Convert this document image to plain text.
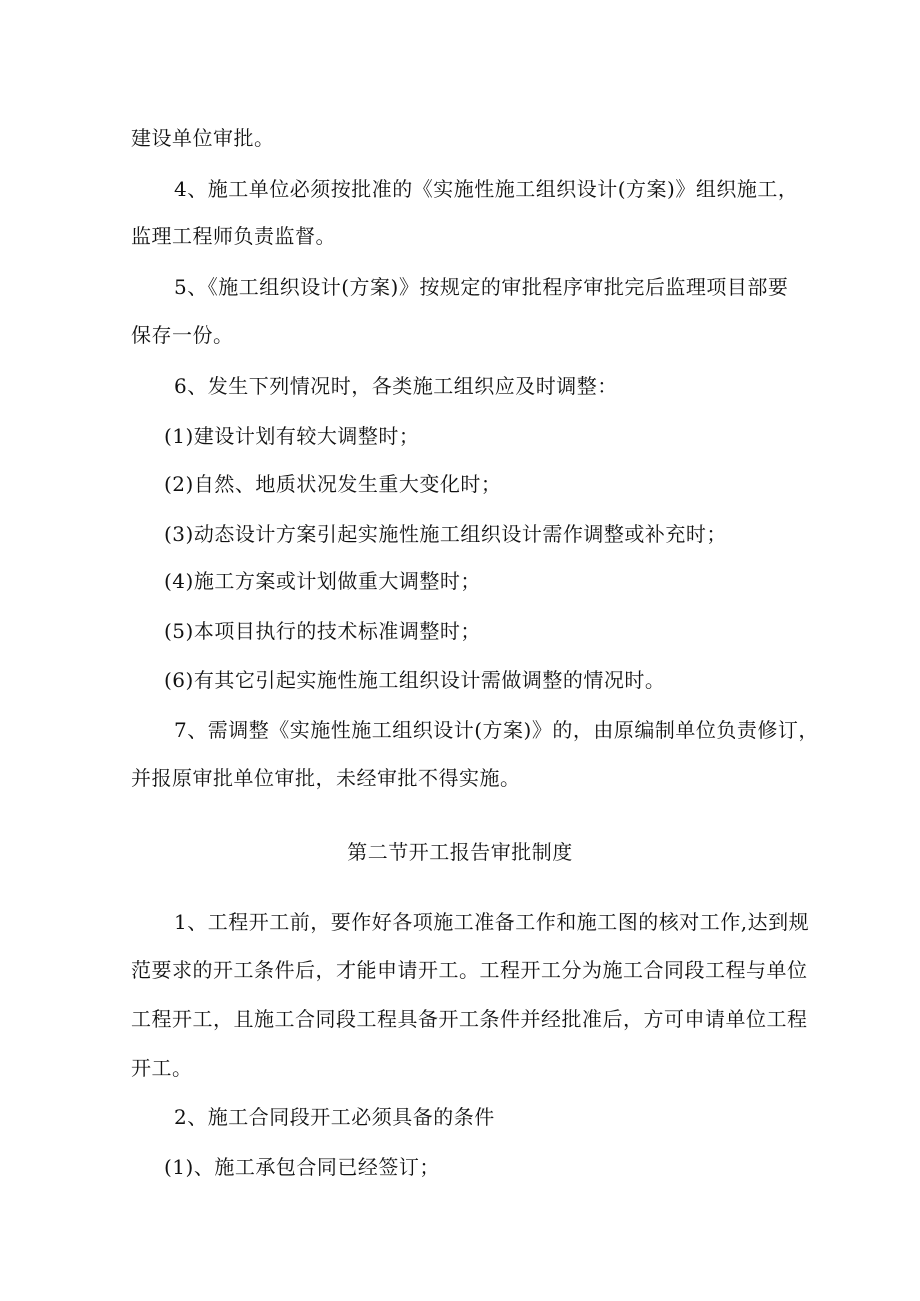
建设单位审批。
4、施工单位必须按批准的《实施性施工组织设计(方案)》组织施工，
监理工程师负责监督。
5、《施工组织设计(方案)》按规定的审批程序审批完后监理项目部要
保存一份。
6、发生下列情况时，各类施工组织应及时调整：
(1)建设计划有较大调整时；
(2)自然、地质状况发生重大变化时；
(3)动态设计方案引起实施性施工组织设计需作调整或补充时；
(4)施工方案或计划做重大调整时；
(5)本项目执行的技术标准调整时；
(6)有其它引起实施性施工组织设计需做调整的情况时。
7、需调整《实施性施工组织设计(方案)》的，由原编制单位负责修订，
并报原审批单位审批，未经审批不得实施。
第二节开工报告审批制度
1、工程开工前，要作好各项施工准备工作和施工图的核对工作,达到规
范要求的开工条件后，才能申请开工。工程开工分为施工合同段工程与单位
工程开工，且施工合同段工程具备开工条件并经批准后，方可申请单位工程
开工。
2、施工合同段开工必须具备的条件
(1)、施工承包合同已经签订；
